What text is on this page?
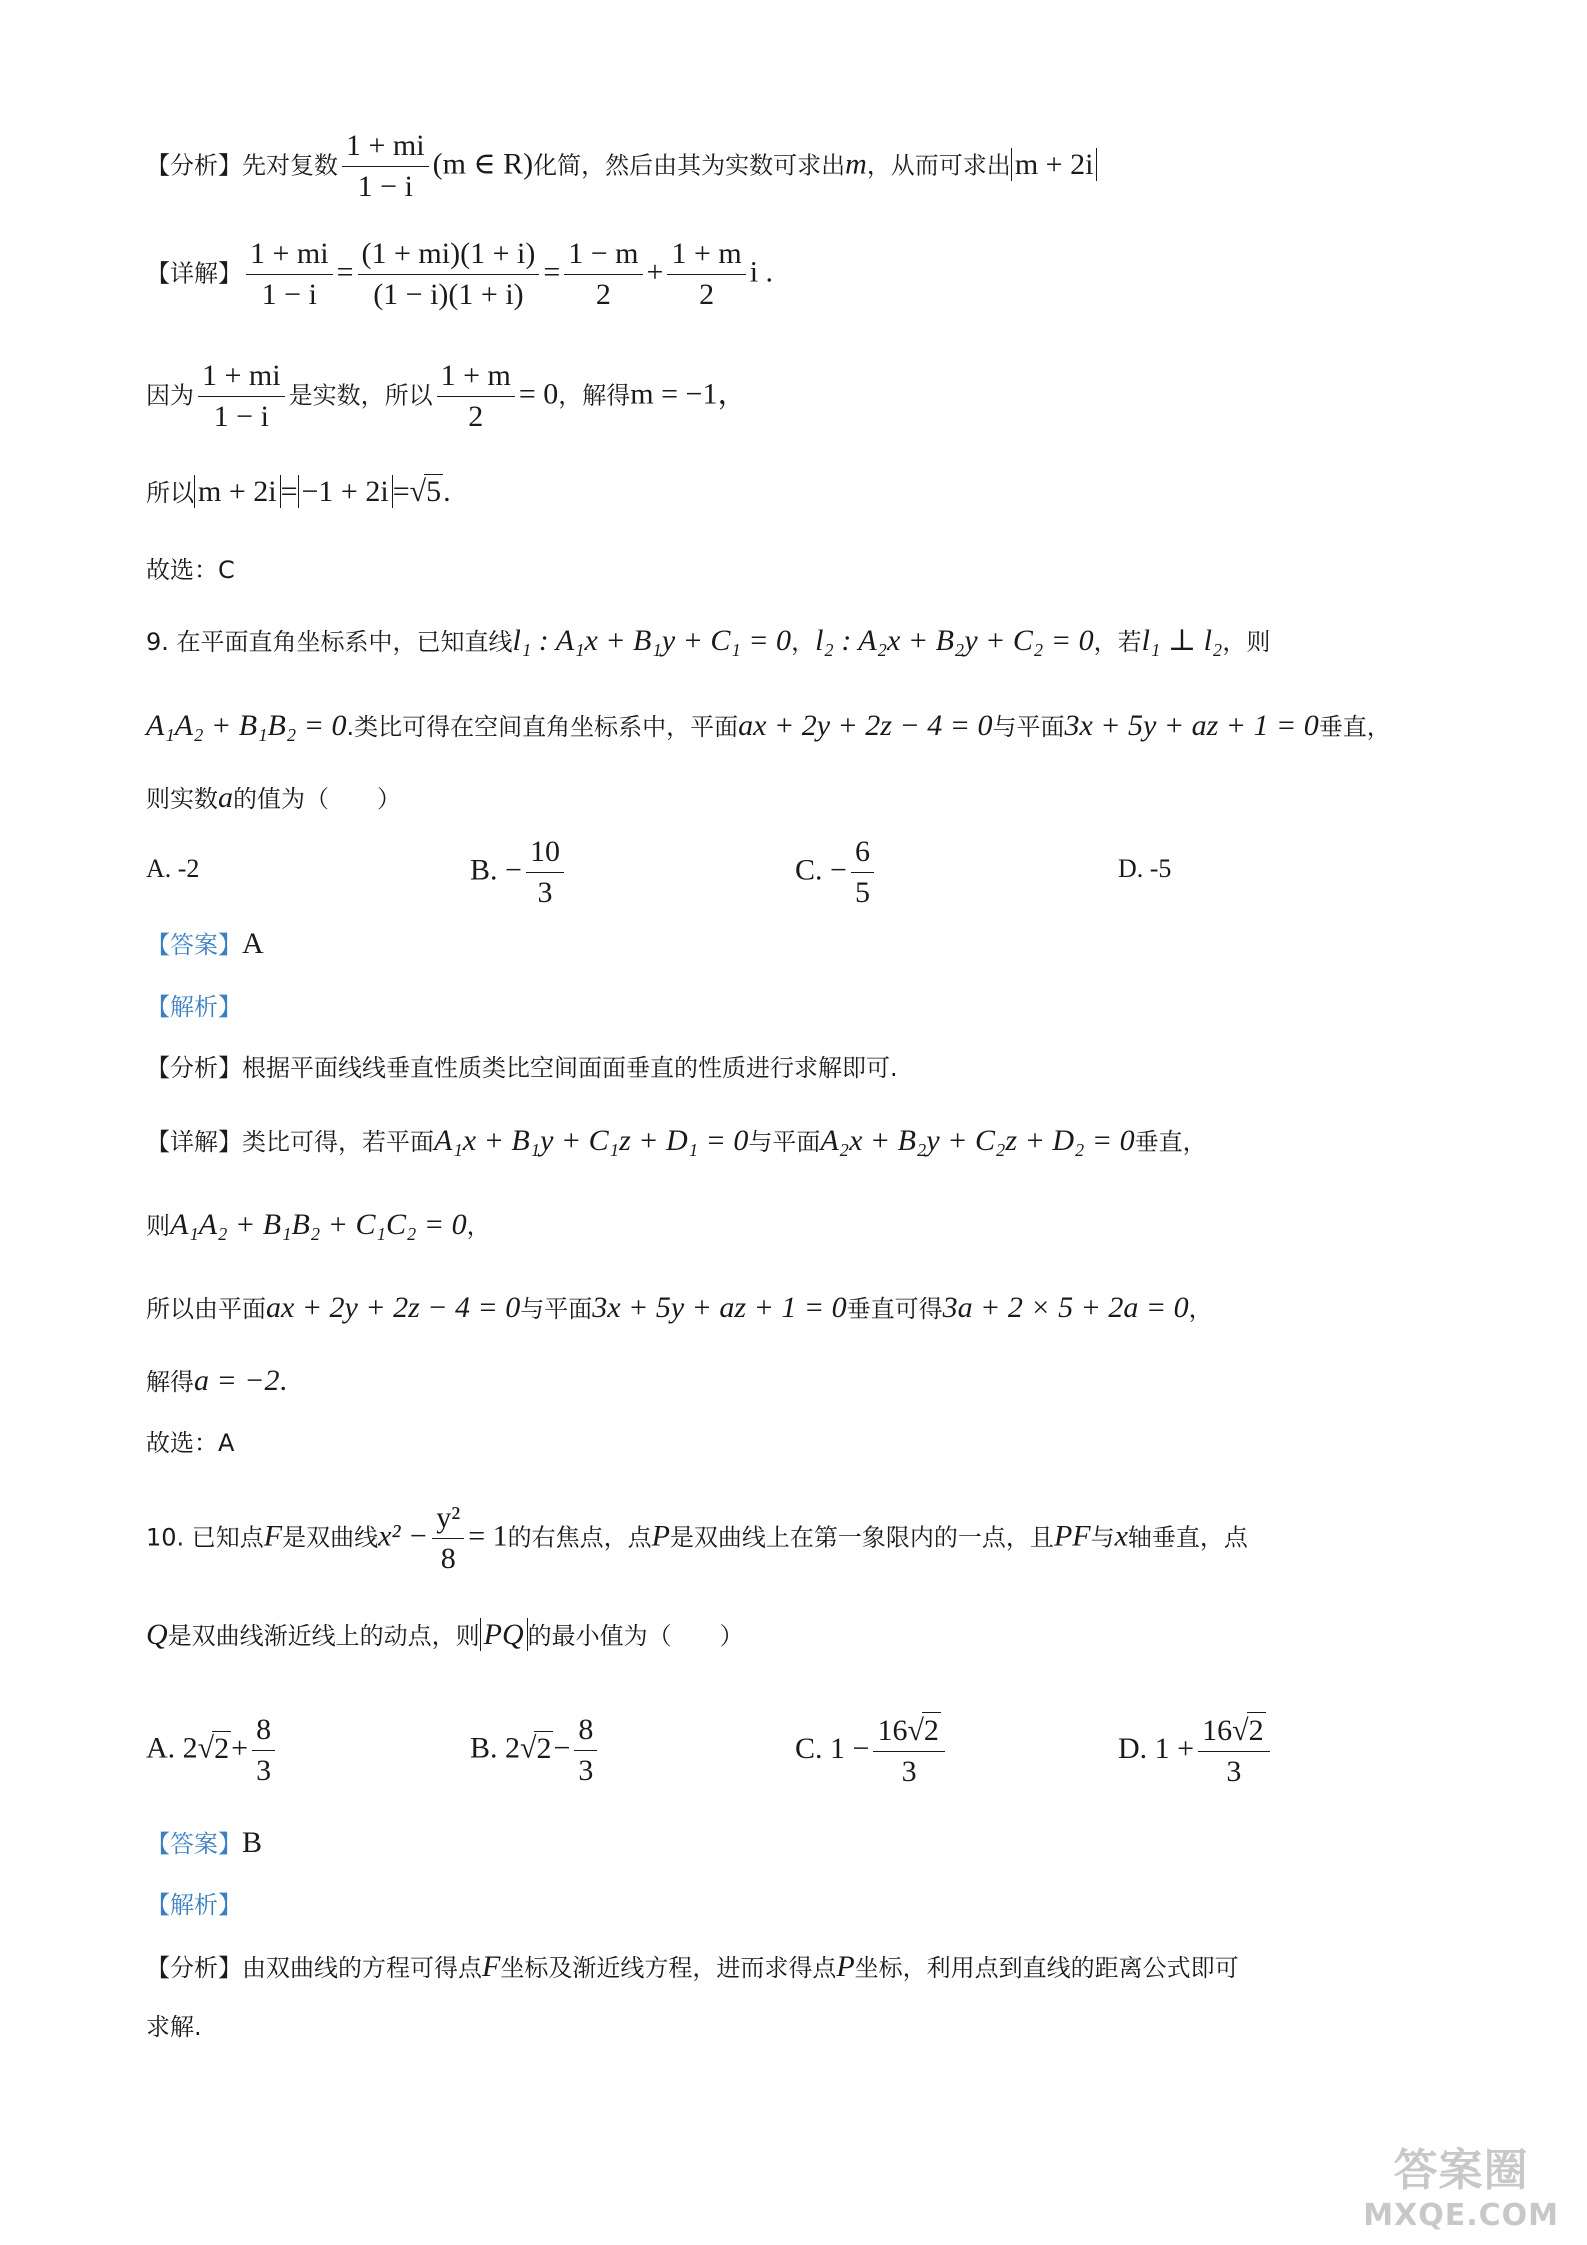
【分析】先对复数 $\frac{1 + mi}{1 - i} (m$ ∈ R)化简，然后由其为实数可求出m，从而可求出 m + 2i
【详解】 $\frac{1 + mi}{1 - i} = \frac{(1 + mi)(1 + i)}{(1 - i)(1 + i)} = \frac{1 - m}{2} + \frac{1 + m}{2}$ i .
因为 $\frac{1 + mi}{1 - i}$ 是实数，所以 $\frac{1 + m}{2} = 0$，解得m = −1，
所以 m + 2i = −1 + 2i =√5.
故选：C
9. 在平面直角坐标系中，已知直线l₁ : A₁x + B₁y + C₁ = 0，l₂ : A₂x + B₂y + C₂ = 0，若l₁ ⊥ l₂，则
A₁A₂ + B₁B₂ = 0.类比可得在空间直角坐标系中，平面ax + 2y + 2z − 4 = 0与平面3x + 5y + az + 1 = 0垂直，
则实数a的值为（　　）
A. -2	B. − $\frac{10}{3}$	C. − $\frac{6}{5}$	D. -5
【答案】A
【解析】
【分析】根据平面线线垂直性质类比空间面面垂直的性质进行求解即可.
【详解】类比可得，若平面A₁x + B₁y + C₁z + D₁ = 0与平面A₂x + B₂y + C₂z + D₂ = 0垂直，
则A₁A₂ + B₁B₂ + C₁C₂ = 0，
所以由平面ax + 2y + 2z − 4 = 0与平面3x + 5y + az + 1 = 0垂直可得3a + 2 × 5 + 2a = 0，
解得a = −2.
故选：A
10. 已知点F是双曲线$x^2 - \frac{\text{y²}}{8} = 1$的右焦点，点P是双曲线上在第一象限内的一点，且PF与x轴垂直，点
Q是双曲线渐近线上的动点，则 PQ 的最小值为（　　）
A. $2√2+ \frac{8}{3}$	B. $2√2- \frac{8}{3}$	C. $1 - \frac{16√2}{3}$	D. $1 + \frac{16√2}{3}$
【答案】B
【解析】
【分析】由双曲线的方程可得点F坐标及渐近线方程，进而求得点P坐标，利用点到直线的距离公式即可
求解.
答案圈
MXQE.COM
